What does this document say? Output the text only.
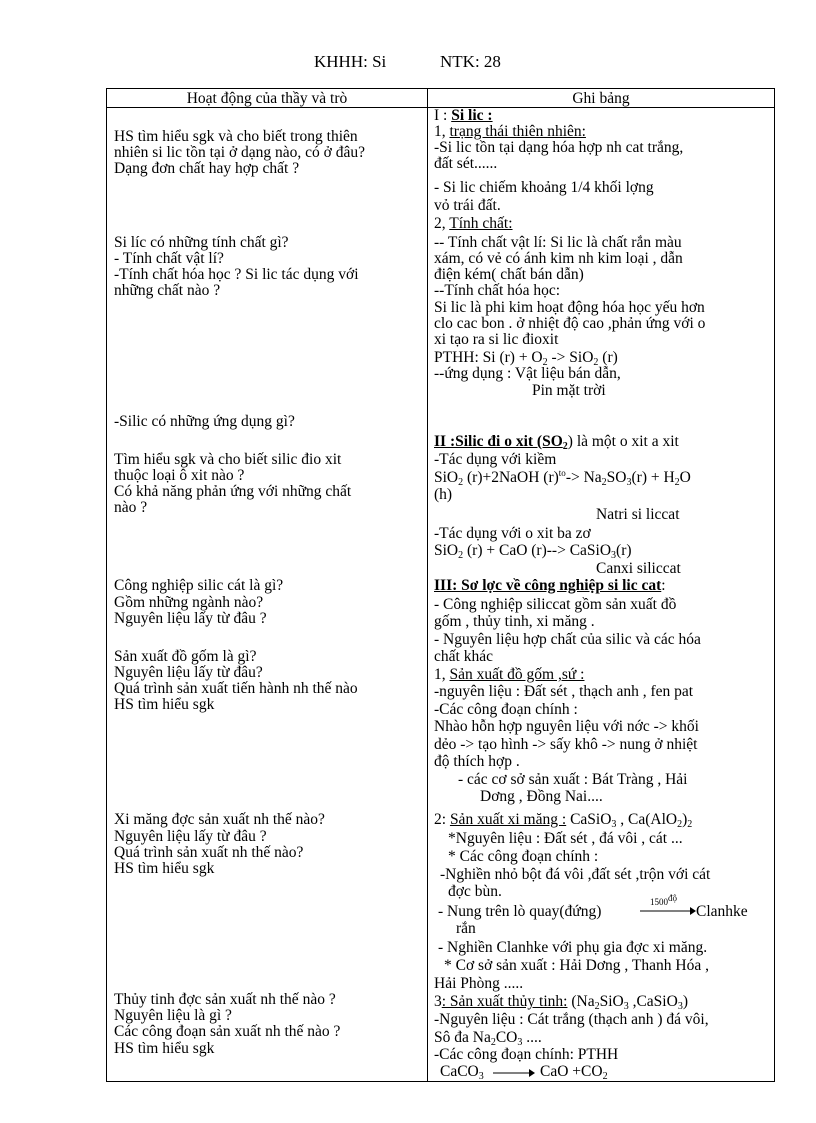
KHHH: Si	NTK: 28
Hoạt động của thầy và trò	Ghi bảng
HS tìm hiểu sgk và cho biết trong thiên
nhiên si lic tồn tại ở dạng nào, có ở đâu?
Dạng đơn chất hay hợp chất ?
Si líc có những tính chất gì?
- Tính chất vật lí?
-Tính chất hóa học ? Si lic tác dụng với
những chất nào ?
-Silic có những ứng dụng gì?
Tìm hiểu sgk và cho biết silic đio xit
thuộc loại ô xit nào ?
Có khả năng phản ứng với những chất
nào ?
Công nghiệp silic cát là gì?
Gồm những ngành nào?
Nguyên liệu lấy từ đâu ?
Sản xuất đồ gốm là gì?
Nguyên liệu lấy từ đâu?
Quá trình sản xuất tiến hành nh thế nào
HS tìm hiểu sgk
Xi măng đợc sản xuất nh thế nào?
Nguyên liệu lấy từ đâu ?
Quá trình sản xuất nh thế nào?
HS tìm hiểu sgk
Thủy tinh đợc sản xuất nh thế nào ?
Nguyên liệu là gì ?
Các công đoạn sản xuất nh thế nào ?
HS tìm hiểu sgk
I : Si lic :
1, trạng thái thiên nhiên:
-Si lic tồn tại dạng hóa hợp nh cat trắng,
đất sét......
- Si lic chiếm khoảng 1/4 khối lợng
vỏ trái đất.
2, Tính chất:
-- Tính chất vật lí: Si lic là chất rắn màu
xám, có vẻ có ánh kim nh kim loại , dẫn
điện kém( chất bán dẫn)
--Tính chất hóa học:
Si lic là phi kim hoạt động hóa học yếu hơn
clo cac bon . ở nhiệt độ cao ,phản ứng với o
xi tạo ra si lic đioxit
PTHH: Si $(r) + O_2 -> SiO_2$ (r)
--ứng dụng : Vật liệu bán dẫn,
Pin mặt trời
II :Silic đi o xit $(SO_2)$ là một o xit a xit
-Tác dụng với kiềm
SiO$_2$ (r)+2NaOH $(r)^{to}-> Na_2SO_3(r) + H_2O$
(h)
Natri si liccat
-Tác dụng với o xit ba zơ
SiO$_2$ (r) + CaO (r)--> CaSiO$_3$(r)
Canxi siliccat
III: Sơ lợc về công nghiệp si lic cat:
- Công nghiệp siliccat gồm sản xuất đồ
gốm , thủy tinh, xi măng .
- Nguyên liệu hợp chất của silic và các hóa
chất khác
1, Sản xuất đồ gốm ,sứ :
-nguyên liệu : Đất sét , thạch anh , fen pat
-Các công đoạn chính :
Nhào hỗn hợp nguyên liệu với nớc -> khối
dẻo -> tạo hình -> sấy khô -> nung ở nhiệt
độ thích hợp .
- các cơ sở sản xuất : Bát Tràng , Hải
Dơng , Đồng Nai....
2: Sản xuất xi măng : CaSiO$_3$ , $Ca(AlO_2)_2$
*Nguyên liệu : Đất sét , đá vôi , cát ...
* Các công đoạn chính :
-Nghiền nhỏ bột đá vôi ,đất sét ,trộn với cát
đợc bùn.
- Nung trên lò quay(đứng)
$1500^{độ}$
→ Clanhke
rắn
- Nghiền Clanhke với phụ gia đợc xi măng.
* Cơ sở sản xuất : Hải Dơng , Thanh Hóa ,
Hải Phòng .....
3: Sản xuất thủy tinh: ($Na_2SiO_3$ ,CaSiO$_3$)
-Nguyên liệu : Cát trắng (thạch anh ) đá vôi,
Sô đa $Na_2CO_3$ ....
-Các công đoạn chính: PTHH
CaCO$_3$ → CaO $+CO_2$
